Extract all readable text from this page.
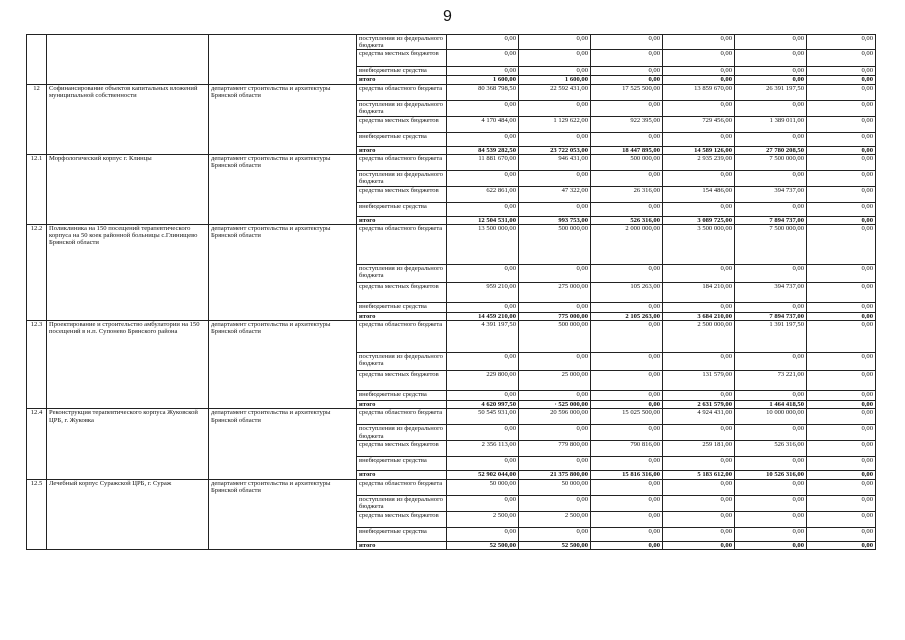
9
			поступления из федерального бюджета	0,00	0,00	0,00	0,00	0,00	0,00
			средства местных бюджетов	0,00	0,00	0,00	0,00	0,00	0,00
			внебюджетные средства	0,00	0,00	0,00	0,00	0,00	0,00
			итого	1 600,00	1 600,00	0,00	0,00	0,00	0,00
12	Софинансирование объектов капитальных вложений муниципальной собственности	департамент строительства и архитектуры Брянской области	средства областного бюджета	80 368 798,50	22 592 431,00	17 525 500,00	13 859 670,00	26 391 197,50	0,00
			поступления из федерального бюджета	0,00	0,00	0,00	0,00	0,00	0,00
			средства местных бюджетов	4 170 484,00	1 129 622,00	922 395,00	729 456,00	1 389 011,00	0,00
			внебюджетные средства	0,00	0,00	0,00	0,00	0,00	0,00
			итого	84 539 282,50	23 722 053,00	18 447 895,00	14 589 126,00	27 780 208,50	0,00
12.1	Морфологический корпус г. Клинцы	департамент строительства и архитектуры Брянской области	средства областного бюджета	11 881 670,00	946 431,00	500 000,00	2 935 239,00	7 500 000,00	0,00
			поступления из федерального бюджета	0,00	0,00	0,00	0,00	0,00	0,00
			средства местных бюджетов	622 861,00	47 322,00	26 316,00	154 486,00	394 737,00	0,00
			внебюджетные средства	0,00	0,00	0,00	0,00	0,00	0,00
			итого	12 504 531,00	993 753,00	526 316,00	3 089 725,00	7 894 737,00	0,00
12.2	Поликлиника на 150 посещений терапевтического корпуса на 50 коек районной больницы с.Глинищево Брянской области	департамент строительства и архитектуры Брянской области	средства областного бюджета	13 500 000,00	500 000,00	2 000 000,00	3 500 000,00	7 500 000,00	0,00
			поступления из федерального бюджета	0,00	0,00	0,00	0,00	0,00	0,00
			средства местных бюджетов	959 210,00	275 000,00	105 263,00	184 210,00	394 737,00	0,00
			внебюджетные средства	0,00	0,00	0,00	0,00	0,00	0,00
			итого	14 459 210,00	775 000,00	2 105 263,00	3 684 210,00	7 894 737,00	0,00
12.3	Проектирование и строительство амбулатории на 150 посещений в н.п. Супонево Брянского района	департамент строительства и архитектуры Брянской области	средства областного бюджета	4 391 197,50	500 000,00	0,00	2 500 000,00	1 391 197,50	0,00
			поступления из федерального бюджета	0,00	0,00	0,00	0,00	0,00	0,00
			средства местных бюджетов	229 800,00	25 000,00	0,00	131 579,00	73 221,00	0,00
			внебюджетные средства	0,00	0,00	0,00	0,00	0,00	0,00
			итого	4 620 997,50	· 525 000,00	0,00	2 631 579,00	1 464 418,50	0,00
12.4	Реконструкция терапевтического корпуса Жуковской ЦРБ, г. Жуковка	департамент строительства и архитектуры Брянской области	средства областного бюджета	50 545 931,00	20 596 000,00	15 025 500,00	4 924 431,00	10 000 000,00	0,00
			поступления из федерального бюджета	0,00	0,00	0,00	0,00	0,00	0,00
			средства местных бюджетов	2 356 113,00	779 800,00	790 816,00	259 181,00	526 316,00	0,00
			внебюджетные средства	0,00	0,00	0,00	0,00	0,00	0,00
			итого	52 902 044,00	21 375 800,00	15 816 316,00	5 183 612,00	10 526 316,00	0,00
12.5	Лечебный корпус Суражской ЦРБ, г. Сураж	департамент строительства и архитектуры Брянской области	средства областного бюджета	50 000,00	50 000,00	0,00	0,00	0,00	0,00
			поступления из федерального бюджета	0,00	0,00	0,00	0,00	0,00	0,00
			средства местных бюджетов	2 500,00	2 500,00	0,00	0,00	0,00	0,00
			внебюджетные средства	0,00	0,00	0,00	0,00	0,00	0,00
			итого	52 500,00	52 500,00	0,00	0,00	0,00	0,00
